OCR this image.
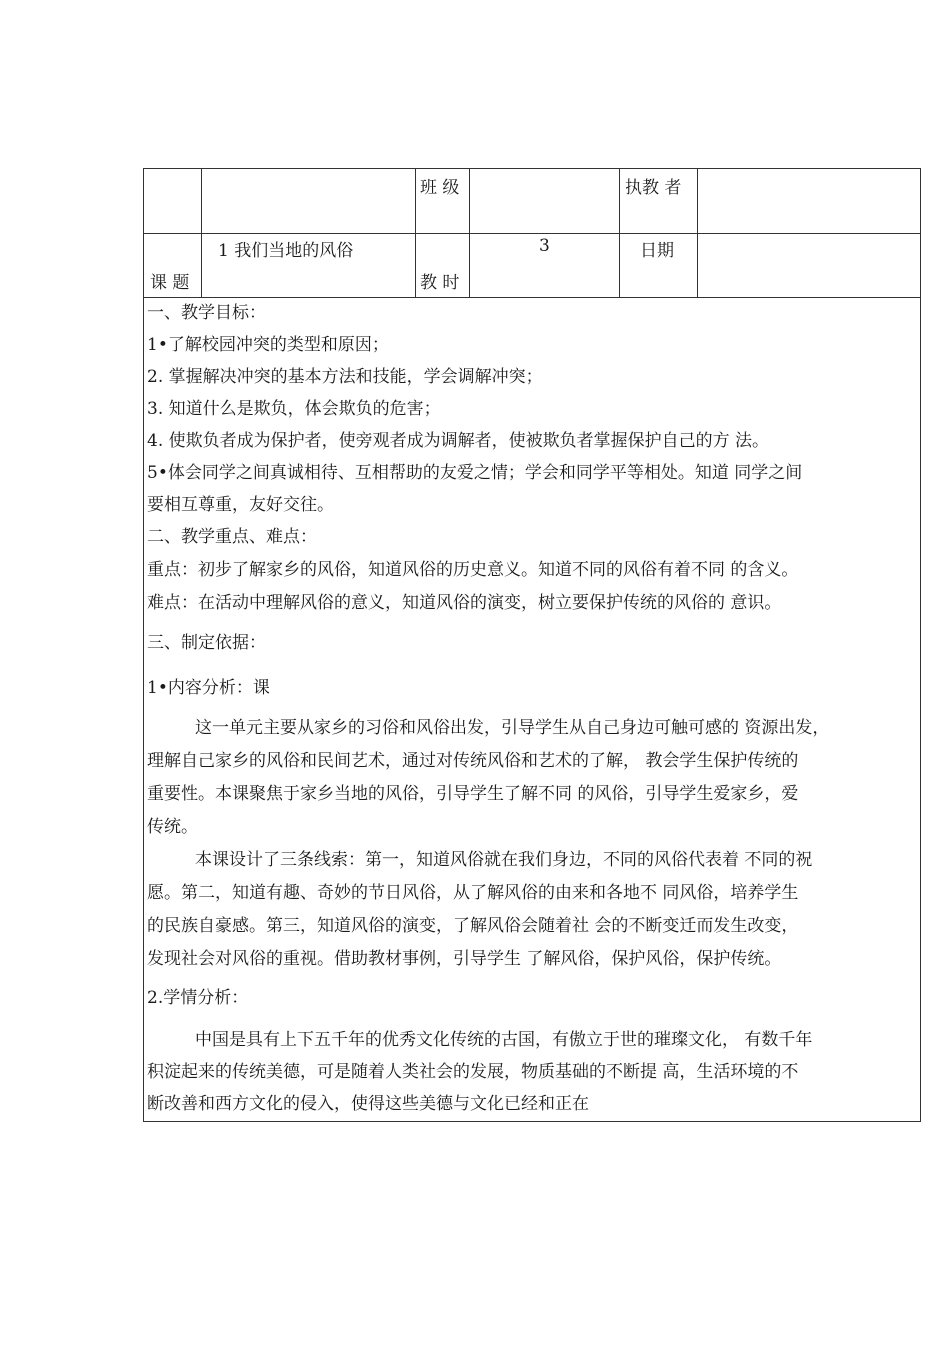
班 级	执教 者
课 题
1 我们当地的风俗
教 时
3	日期
一、教学目标：
1•了解校园冲突的类型和原因；
2. 掌握解决冲突的基本方法和技能，学会调解冲突；
3. 知道什么是欺负，体会欺负的危害；
4. 使欺负者成为保护者，使旁观者成为调解者，使被欺负者掌握保护自己的方 法。
5•体会同学之间真诚相待、互相帮助的友爱之情；学会和同学平等相处。知道 同学之间
要相互尊重，友好交往。
二、教学重点、难点：
重点：初步了解家乡的风俗，知道风俗的历史意义。知道不同的风俗有着不同 的含义。
难点：在活动中理解风俗的意义，知道风俗的演变，树立要保护传统的风俗的 意识。
三、制定依据：
1•内容分析：课
这一单元主要从家乡的习俗和风俗出发，引导学生从自己身边可触可感的 资源出发，
理解自己家乡的风俗和民间艺术，通过对传统风俗和艺术的了解， 教会学生保护传统的
重要性。本课聚焦于家乡当地的风俗，引导学生了解不同 的风俗，引导学生爱家乡，爱
传统。
本课设计了三条线索：第一，知道风俗就在我们身边，不同的风俗代表着 不同的祝
愿。第二，知道有趣、奇妙的节日风俗，从了解风俗的由来和各地不 同风俗，培养学生
的民族自豪感。第三，知道风俗的演变，了解风俗会随着社 会的不断变迁而发生改变，
发现社会对风俗的重视。借助教材事例，引导学生 了解风俗，保护风俗，保护传统。
2.学情分析：
中国是具有上下五千年的优秀文化传统的古国，有傲立于世的璀璨文化， 有数千年
积淀起来的传统美德，可是随着人类社会的发展，物质基础的不断提 高，生活环境的不
断改善和西方文化的侵入，使得这些美德与文化已经和正在
